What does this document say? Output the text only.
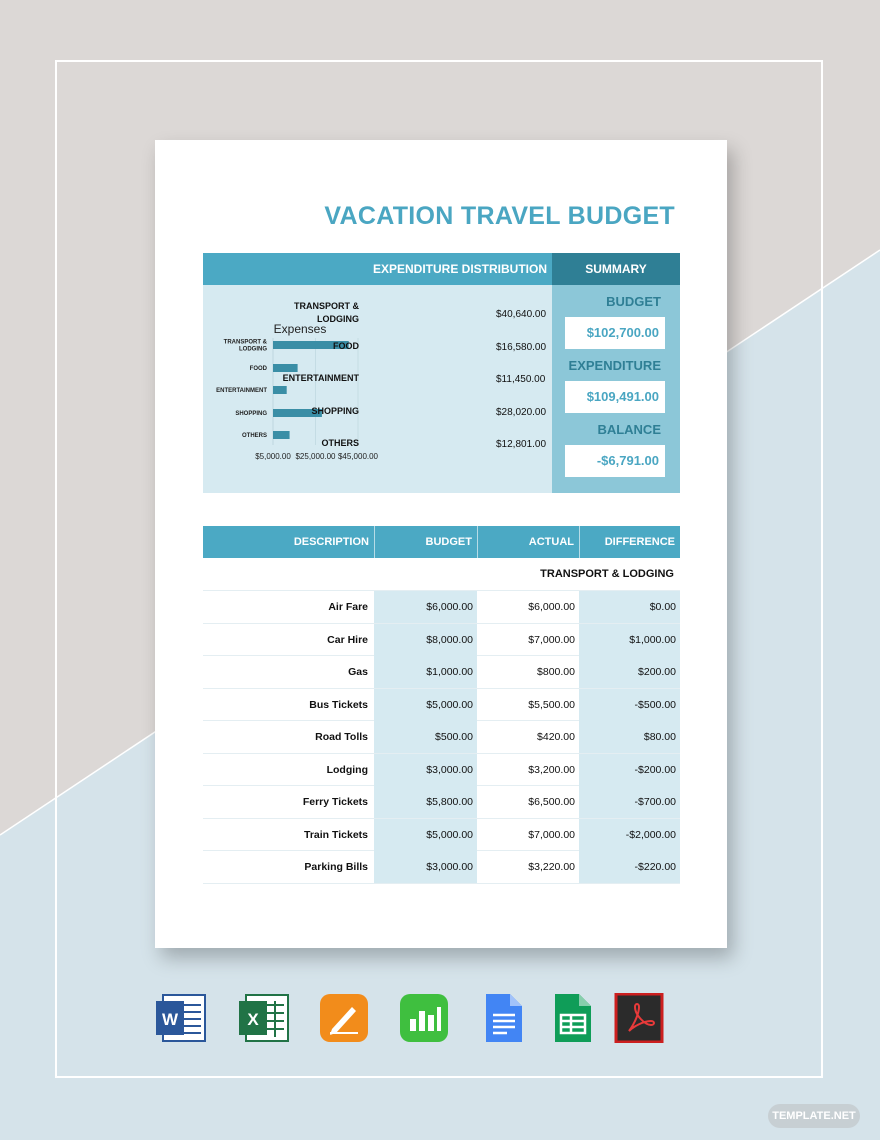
VACATION TRAVEL BUDGET
EXPENDITURE DISTRIBUTION
Expenses
$5,000.00 $25,000.00 $45,000.00
TRANSPORT &
LODGING
FOOD
ENTERTAINMENT
SHOPPING
OTHERS
TRANSPORT &
LODGING	$40,640.00
FOOD	$16,580.00
ENTERTAINMENT	$11,450.00
SHOPPING	$28,020.00
OTHERS	$12,801.00
SUMMARY
BUDGET
$102,700.00
EXPENDITURE
$109,491.00
BALANCE
-$6,791.00
DESCRIPTION	BUDGET	ACTUAL	DIFFERENCE
TRANSPORT & LODGING
Air Fare	$6,000.00	$6,000.00	$0.00
Car Hire	$8,000.00	$7,000.00	$1,000.00
Gas	$1,000.00	$800.00	$200.00
Bus Tickets	$5,000.00	$5,500.00	-$500.00
Road Tolls	$500.00	$420.00	$80.00
Lodging	$3,000.00	$3,200.00	-$200.00
Ferry Tickets	$5,800.00	$6,500.00	-$700.00
Train Tickets	$5,000.00	$7,000.00	-$2,000.00
Parking Bills	$3,000.00	$3,220.00	-$220.00
W	X
TEMPLATE.NET
